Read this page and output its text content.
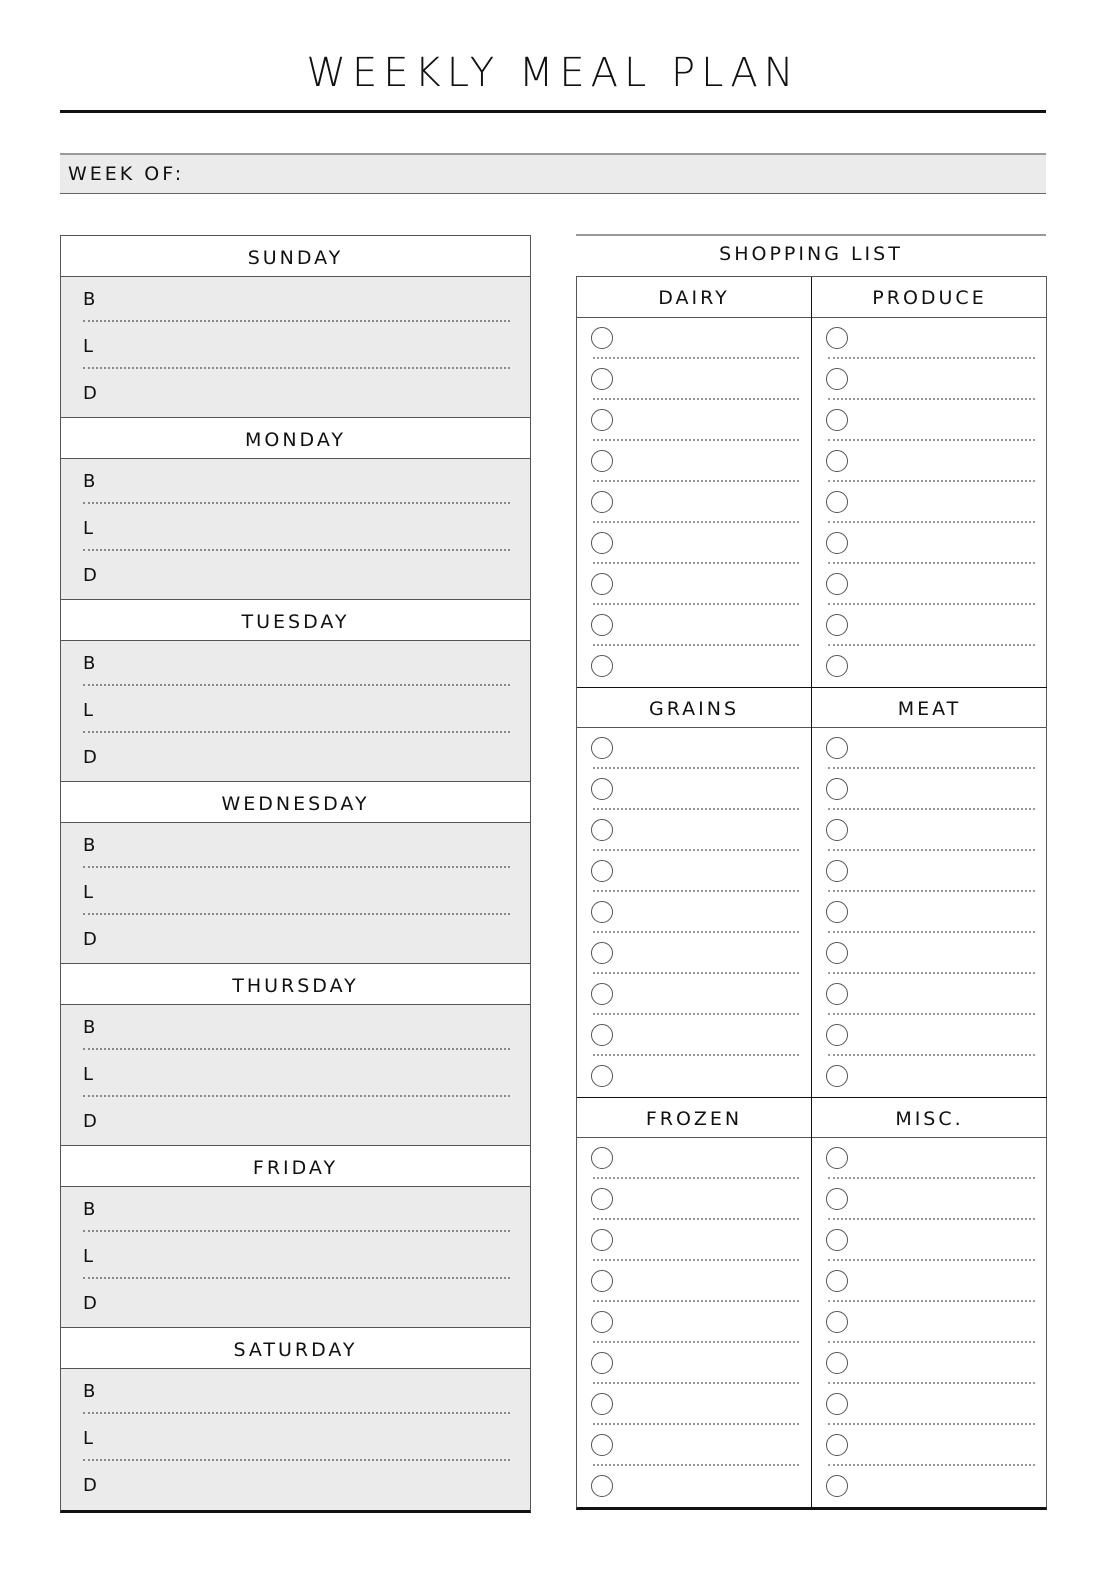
WEEKLY MEAL PLAN
WEEK OF:
SUNDAY
B
L
D
MONDAY
B
L
D
TUESDAY
B
L
D
WEDNESDAY
B
L
D
THURSDAY
B
L
D
FRIDAY
B
L
D
SATURDAY
B
L
D
SHOPPING LIST
DAIRY	PRODUCE
GRAINS	MEAT
FROZEN	MISC.
